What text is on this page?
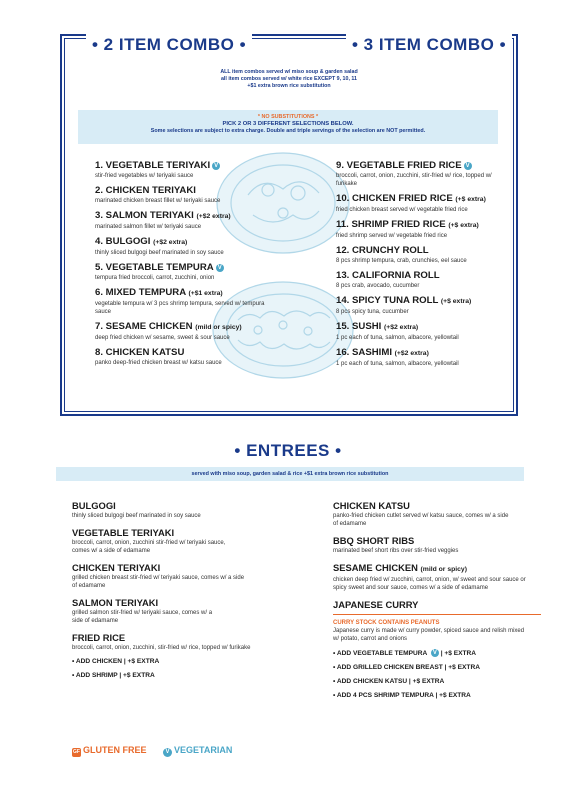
• 2 ITEM COMBO •	• 3 ITEM COMBO •
ALL item combos served w/ miso soup & garden salad
all item combos served w/ white rice EXCEPT 9, 10, 11
+$1 extra brown rice substitution
* NO SUBSTITUTIONS *
PICK 2 OR 3 DIFFERENT SELECTIONS BELOW.
Some selections are subject to extra charge. Double and triple servings of the selection are NOT permitted.
1. VEGETABLE TERIYAKI V
stir-fried vegetables w/ teriyaki sauce
2. CHICKEN TERIYAKI
marinated chicken breast fillet w/ teriyaki sauce
3. SALMON TERIYAKI (+$2 extra)
marinated salmon fillet w/ teriyaki sauce
4. BULGOGI (+$2 extra)
thinly sliced bulgogi beef marinated in soy sauce
5. VEGETABLE TEMPURA V
tempura fried broccoli, carrot, zucchini, onion
6. MIXED TEMPURA (+$1 extra)
vegetable tempura w/ 3 pcs shrimp tempura, served w/ tempura sauce
7. SESAME CHICKEN (mild or spicy)
deep fried chicken w/ sesame, sweet & sour sauce
8. CHICKEN KATSU
panko deep-fried chicken breast w/ katsu sauce
9. VEGETABLE FRIED RICE V
broccoli, carrot, onion, zucchini, stir-fried w/ rice, topped w/ furikake
10. CHICKEN FRIED RICE (+$ extra)
fried chicken breast served w/ vegetable fried rice
11. SHRIMP FRIED RICE (+$ extra)
fried shrimp served w/ vegetable fried rice
12. CRUNCHY ROLL
8 pcs shrimp tempura, crab, crunchies, eel sauce
13. CALIFORNIA ROLL
8 pcs crab, avocado, cucumber
14. SPICY TUNA ROLL (+$ extra)
8 pcs spicy tuna, cucumber
15. SUSHI (+$2 extra)
1 pc each of tuna, salmon, albacore, yellowtail
16. SASHIMI (+$2 extra)
1 pc each of tuna, salmon, albacore, yellowtail
• ENTREES •
served with miso soup, garden salad & rice +$1 extra brown rice substitution
BULGOGI
thinly sliced bulgogi beef marinated in soy sauce
VEGETABLE TERIYAKI
broccoli, carrot, onion, zucchini stir-fried w/ teriyaki sauce, comes w/ a side of edamame
CHICKEN TERIYAKI
grilled chicken breast stir-fried w/ teriyaki sauce, comes w/ a side of edamame
SALMON TERIYAKI
grilled salmon stir-fried w/ teriyaki sauce, comes w/ a side of edamame
FRIED RICE
broccoli, carrot, onion, zucchini, stir-fried w/ rice, topped w/ furikake
• ADD CHICKEN | +$ EXTRA
• ADD SHRIMP | +$ EXTRA
CHICKEN KATSU
panko-fried chicken cutlet served w/ katsu sauce, comes w/ a side of edamame
BBQ SHORT RIBS
marinated beef short ribs over stir-fried veggies
SESAME CHICKEN (mild or spicy)
chicken deep fried w/ zucchini, carrot, onion, w/ sweet and sour sauce or spicy sweet and sour sauce, comes w/ a side of edamame
JAPANESE CURRY
CURRY STOCK CONTAINS PEANUTS
Japanese curry is made w/ curry powder, spiced sauce and relish mixed w/ potato, carrot and onions
• ADD VEGETABLE TEMPURA V | +$ EXTRA
• ADD GRILLED CHICKEN BREAST | +$ EXTRA
• ADD CHICKEN KATSU | +$ EXTRA
• ADD 4 PCS SHRIMP TEMPURA | +$ EXTRA
GF GLUTEN FREE	V VEGETARIAN
